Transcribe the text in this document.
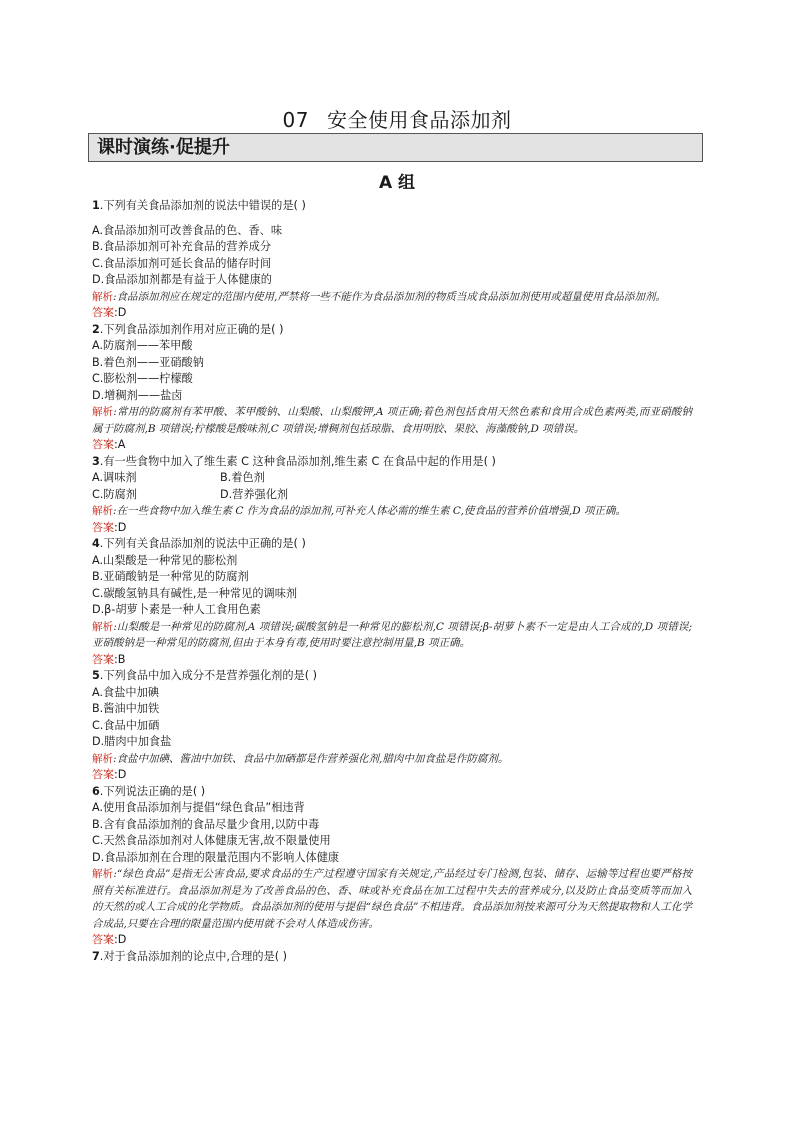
07 安全使用食品添加剂
课时演练·促提升
A 组
1.下列有关食品添加剂的说法中错误的是( )
A.食品添加剂可改善食品的色、香、味
B.食品添加剂可补充食品的营养成分
C.食品添加剂可延长食品的储存时间
D.食品添加剂都是有益于人体健康的
解析:食品添加剂应在规定的范围内使用,严禁将一些不能作为食品添加剂的物质当成食品添加剂使用或超量使用食品添加剂。
答案:D
2.下列食品添加剂作用对应正确的是( )
A.防腐剂——苯甲酸
B.着色剂——亚硝酸钠
C.膨松剂——柠檬酸
D.增稠剂——盐卤
解析:常用的防腐剂有苯甲酸、苯甲酸钠、山梨酸、山梨酸钾,A 项正确;着色剂包括食用天然色素和食用合成色素两类,而亚硝酸钠属于防腐剂,B 项错误;柠檬酸是酸味剂,C 项错误;增稠剂包括琼脂、食用明胶、果胶、海藻酸钠,D 项错误。
答案:A
3.有一些食物中加入了维生素 C 这种食品添加剂,维生素 C 在食品中起的作用是( )
A.调味剂	B.着色剂
C.防腐剂	D.营养强化剂
解析:在一些食物中加入维生素 C 作为食品的添加剂,可补充人体必需的维生素 C,使食品的营养价值增强,D 项正确。
答案:D
4.下列有关食品添加剂的说法中正确的是( )
A.山梨酸是一种常见的膨松剂
B.亚硝酸钠是一种常见的防腐剂
C.碳酸氢钠具有碱性,是一种常见的调味剂
D.β-胡萝卜素是一种人工食用色素
解析:山梨酸是一种常见的防腐剂,A 项错误;碳酸氢钠是一种常见的膨松剂,C 项错误;β-胡萝卜素不一定是由人工合成的,D 项错误;亚硝酸钠是一种常见的防腐剂,但由于本身有毒,使用时要注意控制用量,B 项正确。
答案:B
5.下列食品中加入成分不是营养强化剂的是( )
A.食盐中加碘
B.酱油中加铁
C.食品中加硒
D.腊肉中加食盐
解析:食盐中加碘、酱油中加铁、食品中加硒都是作营养强化剂,腊肉中加食盐是作防腐剂。
答案:D
6.下列说法正确的是( )
A.使用食品添加剂与提倡“绿色食品”相违背
B.含有食品添加剂的食品尽量少食用,以防中毒
C.天然食品添加剂对人体健康无害,故不限量使用
D.食品添加剂在合理的限量范围内不影响人体健康
解析:“绿色食品”是指无公害食品,要求食品的生产过程遵守国家有关规定,产品经过专门检测,包装、储存、运输等过程也要严格按照有关标准进行。食品添加剂是为了改善食品的色、香、味或补充食品在加工过程中失去的营养成分,以及防止食品变质等而加入的天然的或人工合成的化学物质。食品添加剂的使用与提倡“绿色食品”不相违背。食品添加剂按来源可分为天然提取物和人工化学合成品,只要在合理的限量范围内使用就不会对人体造成伤害。
答案:D
7.对于食品添加剂的论点中,合理的是( )
